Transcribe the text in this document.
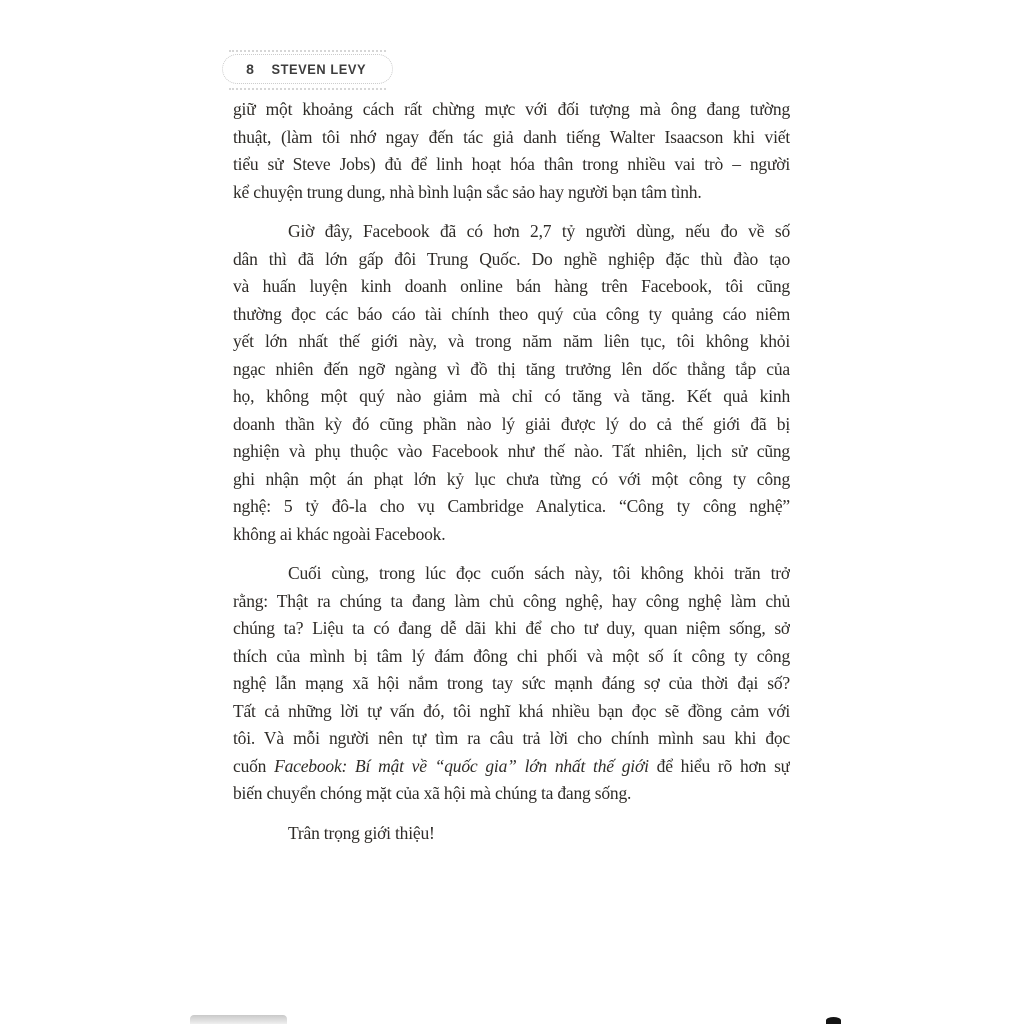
8 STEVEN LEVY
giữ một khoảng cách rất chừng mực với đối tượng mà ông đang tường
thuật, (làm tôi nhớ ngay đến tác giả danh tiếng Walter Isaacson khi viết
tiểu sử Steve Jobs) đủ để linh hoạt hóa thân trong nhiều vai trò – người
kể chuyện trung dung, nhà bình luận sắc sảo hay người bạn tâm tình.
Giờ đây, Facebook đã có hơn 2,7 tỷ người dùng, nếu đo về số
dân thì đã lớn gấp đôi Trung Quốc. Do nghề nghiệp đặc thù đào tạo
và huấn luyện kinh doanh online bán hàng trên Facebook, tôi cũng
thường đọc các báo cáo tài chính theo quý của công ty quảng cáo niêm
yết lớn nhất thế giới này, và trong năm năm liên tục, tôi không khỏi
ngạc nhiên đến ngỡ ngàng vì đồ thị tăng trưởng lên dốc thẳng tắp của
họ, không một quý nào giảm mà chỉ có tăng và tăng. Kết quả kinh
doanh thần kỳ đó cũng phần nào lý giải được lý do cả thế giới đã bị
nghiện và phụ thuộc vào Facebook như thế nào. Tất nhiên, lịch sử cũng
ghi nhận một án phạt lớn kỷ lục chưa từng có với một công ty công
nghệ: 5 tỷ đô-la cho vụ Cambridge Analytica. “Công ty công nghệ”
không ai khác ngoài Facebook.
Cuối cùng, trong lúc đọc cuốn sách này, tôi không khỏi trăn trở
rằng: Thật ra chúng ta đang làm chủ công nghệ, hay công nghệ làm chủ
chúng ta? Liệu ta có đang dễ dãi khi để cho tư duy, quan niệm sống, sở
thích của mình bị tâm lý đám đông chi phối và một số ít công ty công
nghệ lẫn mạng xã hội nắm trong tay sức mạnh đáng sợ của thời đại số?
Tất cả những lời tự vấn đó, tôi nghĩ khá nhiều bạn đọc sẽ đồng cảm với
tôi. Và mỗi người nên tự tìm ra câu trả lời cho chính mình sau khi đọc
cuốn Facebook: Bí mật về “quốc gia” lớn nhất thế giới để hiểu rõ hơn sự
biến chuyển chóng mặt của xã hội mà chúng ta đang sống.
Trân trọng giới thiệu!
